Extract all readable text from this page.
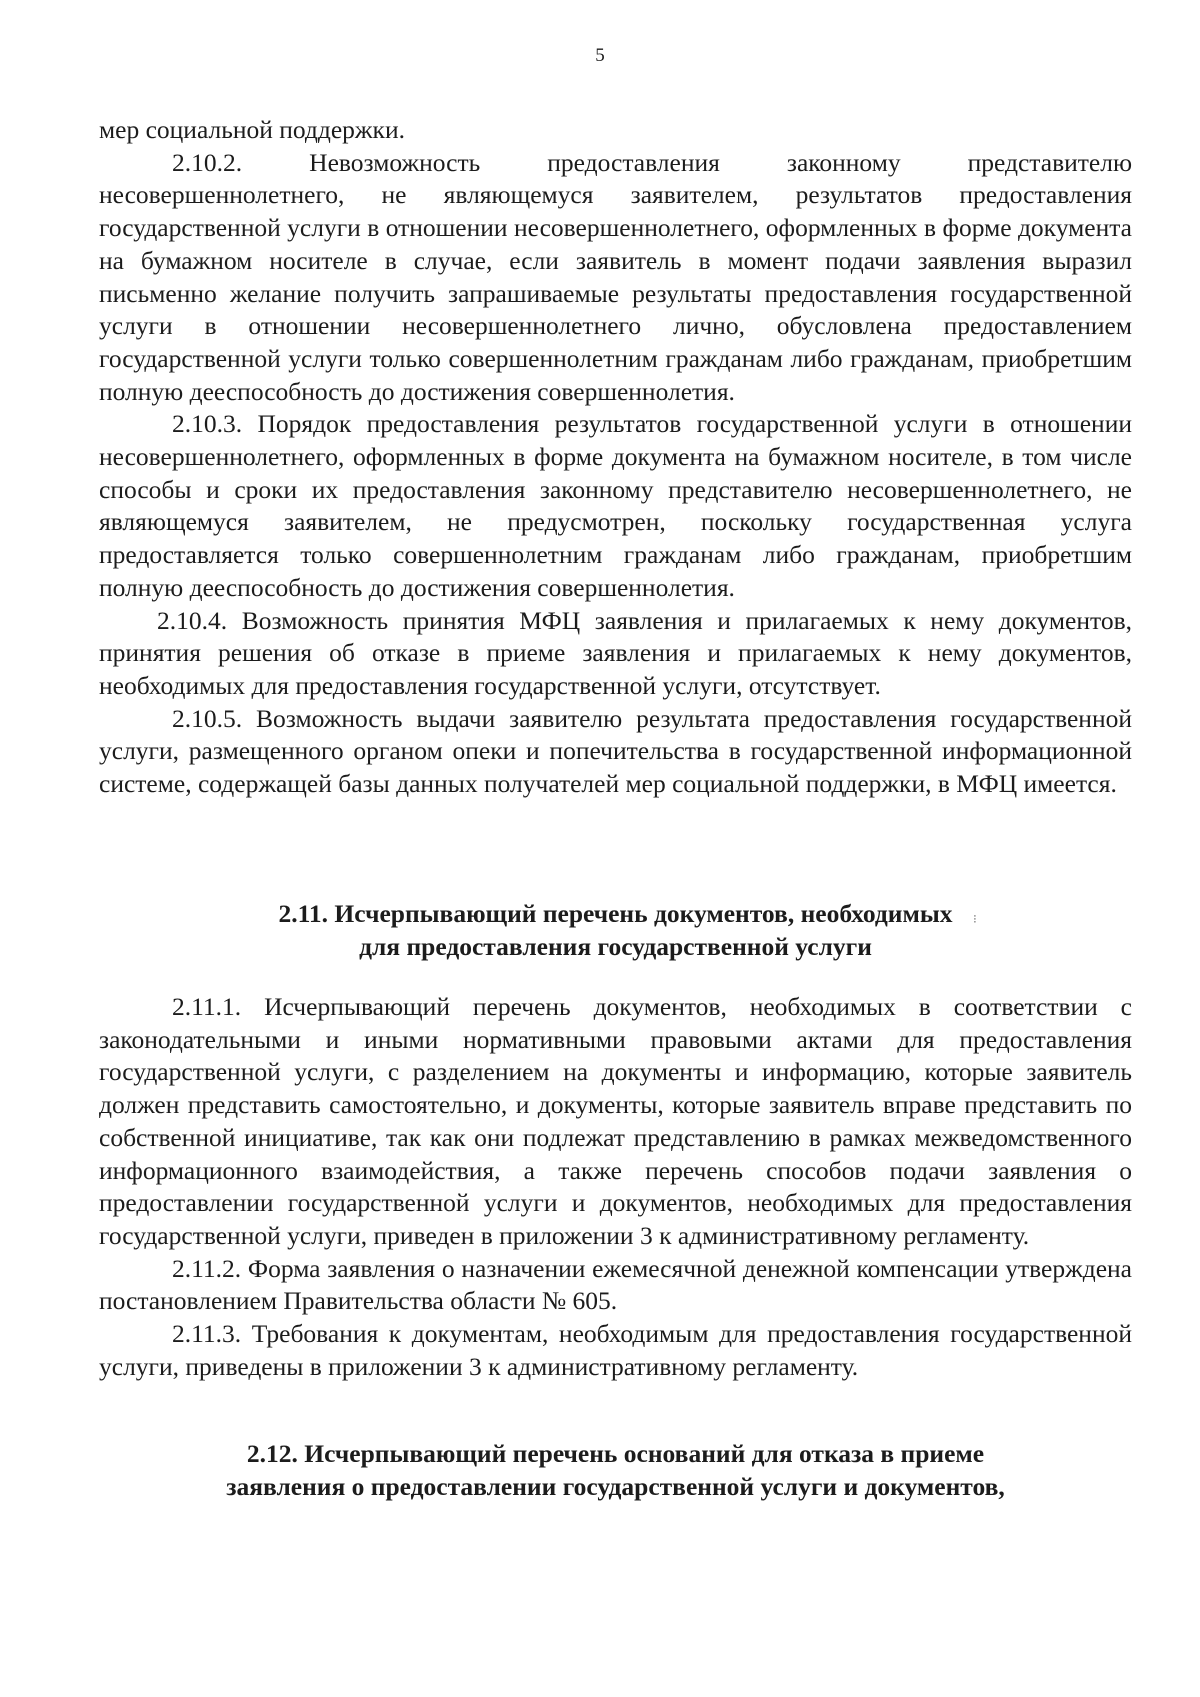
5

мер социальной поддержки.

2.10.2. Невозможность предоставления законному представителю несовершеннолетнего, не являющемуся заявителем, результатов предоставления государственной услуги в отношении несовершеннолетнего, оформленных в форме документа на бумажном носителе в случае, если заявитель в момент подачи заявления выразил письменно желание получить запрашиваемые результаты предоставления государственной услуги в отношении несовершеннолетнего лично, обусловлена предоставлением государственной услуги только совершеннолетним гражданам либо гражданам, приобретшим полную дееспособность до достижения совершеннолетия.

2.10.3. Порядок предоставления результатов государственной услуги в отношении несовершеннолетнего, оформленных в форме документа на бумажном носителе, в том числе способы и сроки их предоставления законному представителю несовершеннолетнего, не являющемуся заявителем, не предусмотрен, поскольку государственная услуга предоставляется только совершеннолетним гражданам либо гражданам, приобретшим полную дееспособность до достижения совершеннолетия.

2.10.4. Возможность принятия МФЦ заявления и прилагаемых к нему документов, принятия решения об отказе в приеме заявления и прилагаемых к нему документов, необходимых для предоставления государственной услуги, отсутствует.

2.10.5. Возможность выдачи заявителю результата предоставления государственной услуги, размещенного органом опеки и попечительства в государственной информационной системе, содержащей базы данных получателей мер социальной поддержки, в МФЦ имеется.

⁝
2.11. Исчерпывающий перечень документов, необходимых
для предоставления государственной услуги

2.11.1. Исчерпывающий перечень документов, необходимых в соответствии с законодательными и иными нормативными правовыми актами для предоставления государственной услуги, с разделением на документы и информацию, которые заявитель должен представить самостоятельно, и документы, которые заявитель вправе представить по собственной инициативе, так как они подлежат представлению в рамках межведомственного информационного взаимодействия, а также перечень способов подачи заявления о предоставлении государственной услуги и документов, необходимых для предоставления государственной услуги, приведен в приложении 3 к административному регламенту.

2.11.2. Форма заявления о назначении ежемесячной денежной компенсации утверждена постановлением Правительства области № 605.

2.11.3. Требования к документам, необходимым для предоставления государственной услуги, приведены в приложении 3 к административному регламенту.

2.12. Исчерпывающий перечень оснований для отказа в приеме
заявления о предоставлении государственной услуги и документов,
